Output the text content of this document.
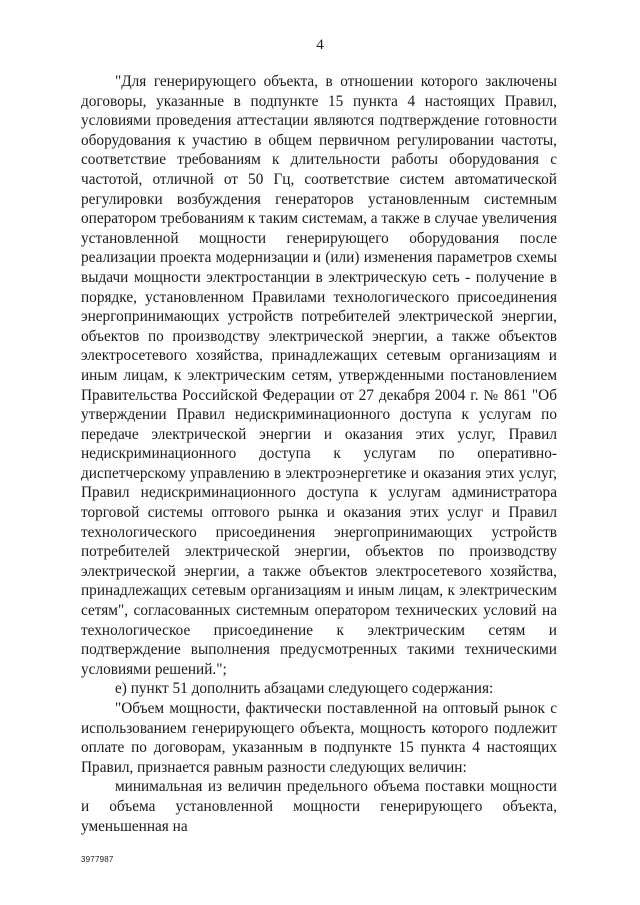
4

"Для генерирующего объекта, в отношении которого заключены договоры, указанные в подпункте 15 пункта 4 настоящих Правил, условиями проведения аттестации являются подтверждение готовности оборудования к участию в общем первичном регулировании частоты, соответствие требованиям к длительности работы оборудования с частотой, отличной от 50 Гц, соответствие систем автоматической регулировки возбуждения генераторов установленным системным оператором требованиям к таким системам, а также в случае увеличения установленной мощности генерирующего оборудования после реализации проекта модернизации и (или) изменения параметров схемы выдачи мощности электростанции в электрическую сеть - получение в порядке, установленном Правилами технологического присоединения энергопринимающих устройств потребителей электрической энергии, объектов по производству электрической энергии, а также объектов электросетевого хозяйства, принадлежащих сетевым организациям и иным лицам, к электрическим сетям, утвержденными постановлением Правительства Российской Федерации от 27 декабря 2004 г. № 861 "Об утверждении Правил недискриминационного доступа к услугам по передаче электрической энергии и оказания этих услуг, Правил недискриминационного доступа к услугам по оперативно-диспетчерскому управлению в электроэнергетике и оказания этих услуг, Правил недискриминационного доступа к услугам администратора торговой системы оптового рынка и оказания этих услуг и Правил технологического присоединения энергопринимающих устройств потребителей электрической энергии, объектов по производству электрической энергии, а также объектов электросетевого хозяйства, принадлежащих сетевым организациям и иным лицам, к электрическим сетям", согласованных системным оператором технических условий на технологическое присоединение к электрическим сетям и подтверждение выполнения предусмотренных такими техническими условиями решений.";

е) пункт 51 дополнить абзацами следующего содержания:

"Объем мощности, фактически поставленной на оптовый рынок с использованием генерирующего объекта, мощность которого подлежит оплате по договорам, указанным в подпункте 15 пункта 4 настоящих Правил, признается равным разности следующих величин:

минимальная из величин предельного объема поставки мощности и объема установленной мощности генерирующего объекта, уменьшенная на

3977987
